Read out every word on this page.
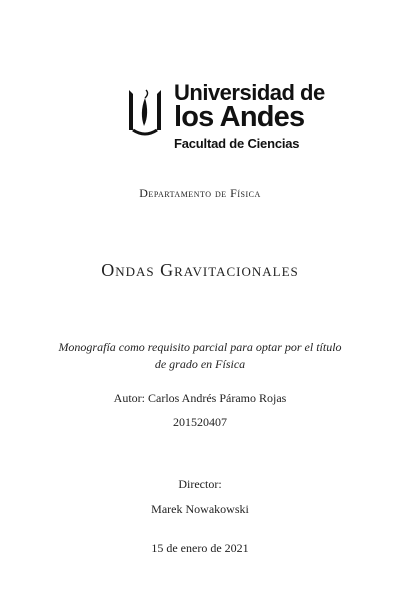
Universidad de
los Andes
Facultad de Ciencias
Departamento de Física
Ondas Gravitacionales
Monografía como requisito parcial para optar por el título
de grado en Física
Autor: Carlos Andrés Páramo Rojas
201520407
Director:
Marek Nowakowski
15 de enero de 2021
